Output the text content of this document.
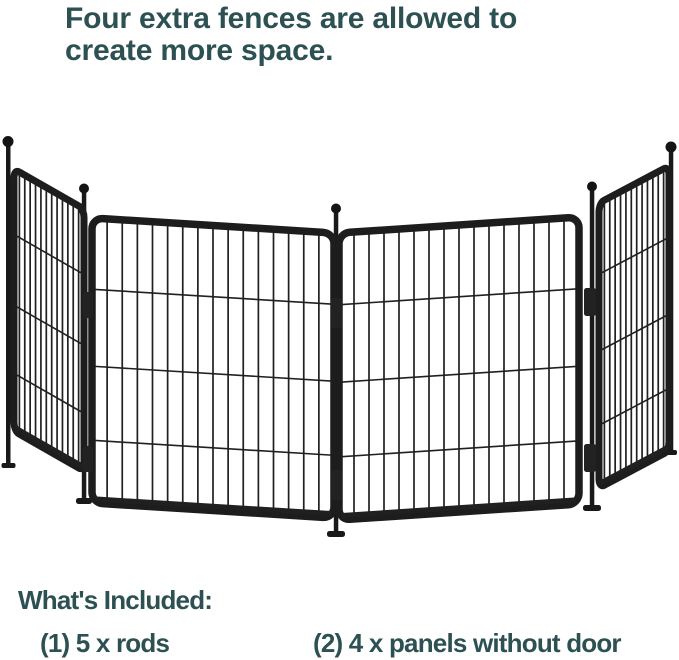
Four extra fences are allowed to
create more space.
What's Included:
(1) 5 x rods	(2) 4 x panels without door
